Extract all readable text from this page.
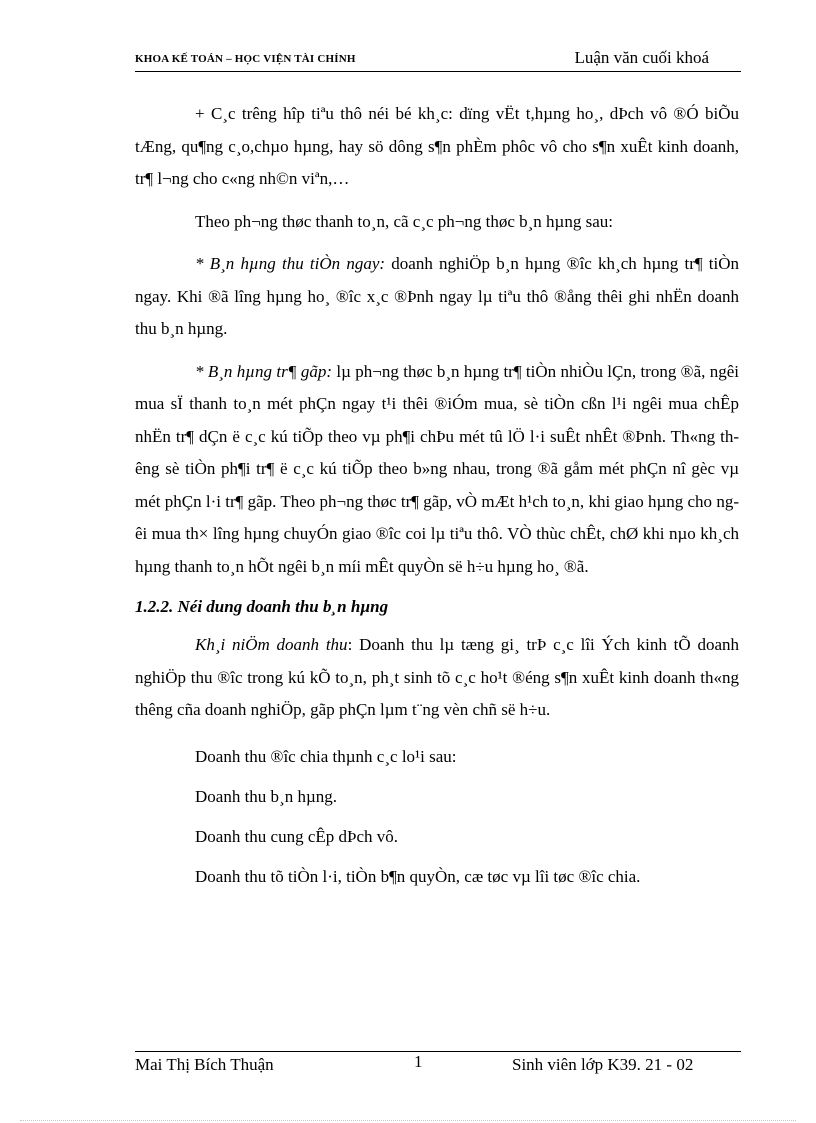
KHOA KẾ TOÁN – HỌC VIỆN TÀI CHÍNH	Luận văn cuối khoá

+ C¸c trêng hîp tiªu thô néi bé kh¸c: dïng vËt t,hµng ho¸, dÞch vô ®Ó biÕu tÆng, qu¶ng c¸o,chµo hµng, hay sö dông s¶n phÈm phôc vô cho s¶n xuÊt kinh doanh, tr¶ l¬ng cho c«ng nh©n viªn,…

Theo ph¬ng thøc thanh to¸n, cã c¸c ph¬ng thøc b¸n hµng sau:

* B¸n hµng thu tiÒn ngay: doanh nghiÖp b¸n hµng ®îc kh¸ch hµng tr¶ tiÒn ngay. Khi ®ã lîng hµng ho¸ ®îc x¸c ®Þnh ngay lµ tiªu thô ®ång thêi ghi nhËn doanh thu b¸n hµng.

* B¸n hµng tr¶ gãp: lµ ph¬ng thøc b¸n hµng tr¶ tiÒn nhiÒu lÇn, trong ®ã, ngêi mua sÏ thanh to¸n mét phÇn ngay t¹i thêi ®iÓm mua, sè tiÒn cßn l¹i ngêi mua chÊp nhËn tr¶ dÇn ë c¸c kú tiÕp theo vµ ph¶i chÞu mét tû lÖ l·i suÊt nhÊt ®Þnh. Th«ng thêng sè tiÒn ph¶i tr¶ ë c¸c kú tiÕp theo b»ng nhau, trong ®ã gåm mét phÇn nî gèc vµ mét phÇn l·i tr¶ gãp. Theo ph¬ng thøc tr¶ gãp, vÒ mÆt h¹ch to¸n, khi giao hµng cho ngêi mua th× lîng hµng chuyÓn giao ®îc coi lµ tiªu thô. VÒ thùc chÊt, chØ khi nµo kh¸ch hµng thanh to¸n hÕt ngêi b¸n míi mÊt quyÒn së h÷u hµng ho¸ ®ã.

1.2.2. Néi dung doanh thu b¸n hµng

Kh¸i niÖm doanh thu: Doanh thu lµ tæng gi¸ trÞ c¸c lîi Ých kinh tÕ doanh nghiÖp thu ®îc trong kú kÕ to¸n, ph¸t sinh tõ c¸c ho¹t ®éng s¶n xuÊt kinh doanh th«ng thêng cña doanh nghiÖp, gãp phÇn lµm t¨ng vèn chñ së h÷u.

Doanh thu ®îc chia thµnh c¸c lo¹i sau:

Doanh thu b¸n hµng.

Doanh thu cung cÊp dÞch vô.

Doanh thu tõ tiÒn l·i, tiÒn b¶n quyÒn, cæ tøc vµ lîi tøc ®îc chia.

Mai Thị Bích Thuận	1	Sinh viên lớp K39. 21 - 02
